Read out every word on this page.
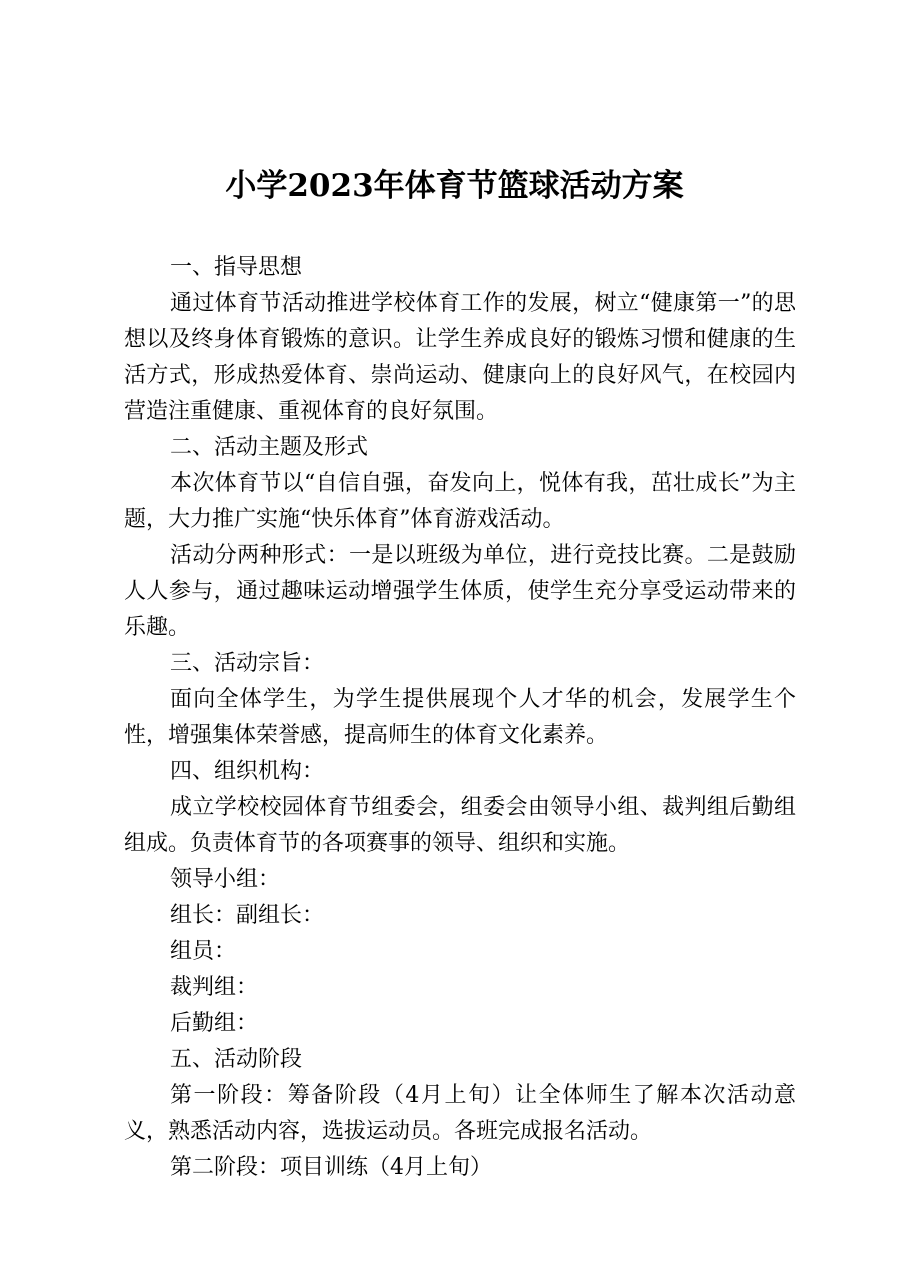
小学2023年体育节篮球活动方案

一、指导思想

通过体育节活动推进学校体育工作的发展，树立“健康第一”的思想以及终身体育锻炼的意识。让学生养成良好的锻炼习惯和健康的生活方式，形成热爱体育、崇尚运动、健康向上的良好风气，在校园内营造注重健康、重视体育的良好氛围。

二、活动主题及形式

本次体育节以“自信自强，奋发向上，悦体有我，茁壮成长”为主题，大力推广实施“快乐体育”体育游戏活动。

活动分两种形式：一是以班级为单位，进行竞技比赛。二是鼓励人人参与，通过趣味运动增强学生体质，使学生充分享受运动带来的乐趣。

三、活动宗旨：

面向全体学生，为学生提供展现个人才华的机会，发展学生个性，增强集体荣誉感，提高师生的体育文化素养。

四、组织机构：

成立学校校园体育节组委会，组委会由领导小组、裁判组后勤组组成。负责体育节的各项赛事的领导、组织和实施。

领导小组：

组长：副组长：

组员：

裁判组：

后勤组：

五、活动阶段

第一阶段：筹备阶段（4月上旬）让全体师生了解本次活动意义，熟悉活动内容，选拔运动员。各班完成报名活动。

第二阶段：项目训练（4月上旬）
